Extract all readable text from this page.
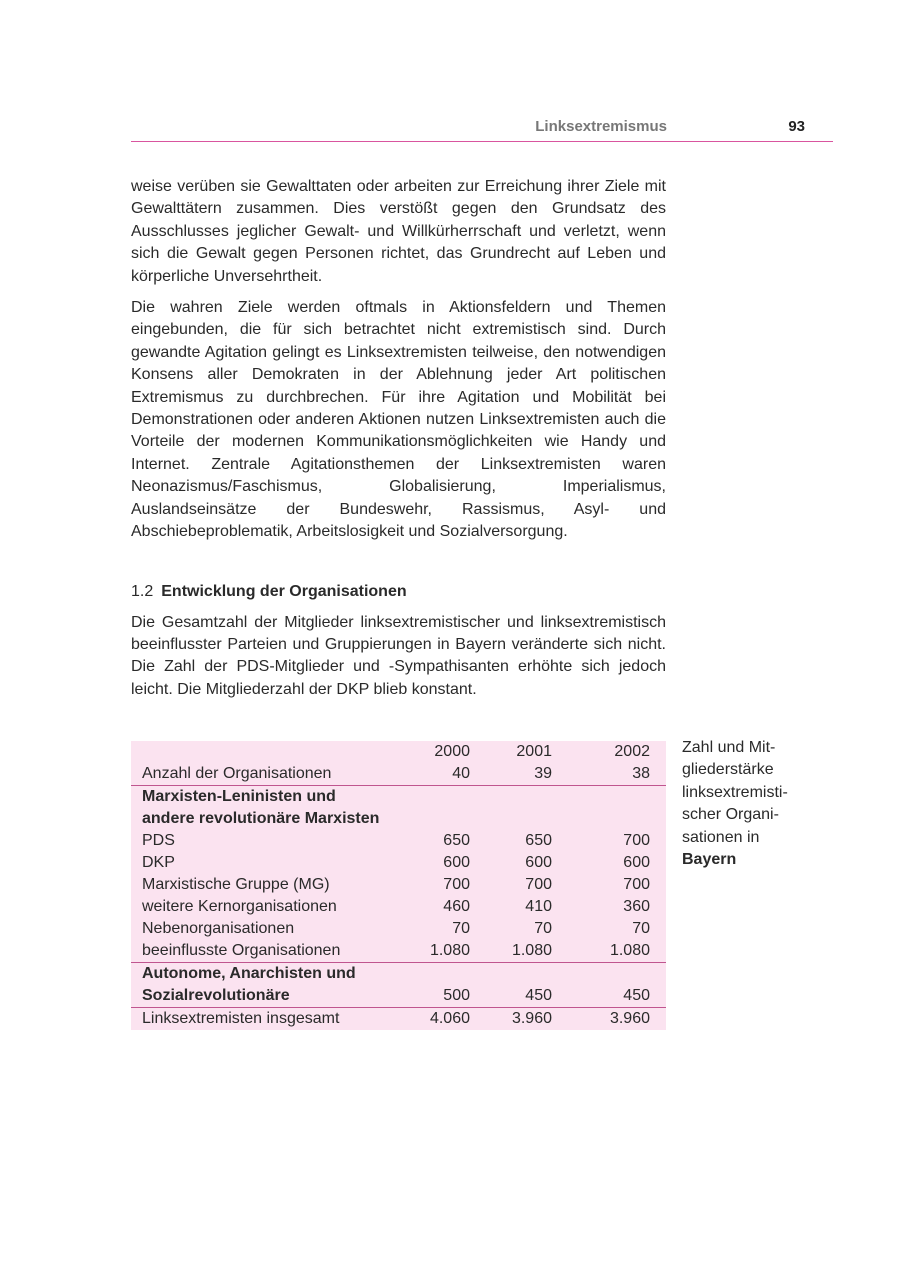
Linksextremismus	93

weise verüben sie Gewalttaten oder arbeiten zur Erreichung ihrer Ziele mit Gewalttätern zusammen. Dies verstößt gegen den Grundsatz des Ausschlusses jeglicher Gewalt- und Willkürherrschaft und verletzt, wenn sich die Gewalt gegen Personen richtet, das Grundrecht auf Leben und körperliche Unversehrtheit.

Die wahren Ziele werden oftmals in Aktionsfeldern und Themen eingebunden, die für sich betrachtet nicht extremistisch sind. Durch gewandte Agitation gelingt es Linksextremisten teilweise, den notwendigen Konsens aller Demokraten in der Ablehnung jeder Art politischen Extremismus zu durchbrechen. Für ihre Agitation und Mobilität bei Demonstrationen oder anderen Aktionen nutzen Linksextremisten auch die Vorteile der modernen Kommunikationsmöglichkeiten wie Handy und Internet. Zentrale Agitationsthemen der Linksextremisten waren Neonazismus/Faschismus, Globalisierung, Imperialismus, Auslandseinsätze der Bundeswehr, Rassismus, Asyl- und Abschiebeproblematik, Arbeitslosigkeit und Sozialversorgung.

1.2 Entwicklung der Organisationen

Die Gesamtzahl der Mitglieder linksextremistischer und linksextremistisch beeinflusster Parteien und Gruppierungen in Bayern veränderte sich nicht. Die Zahl der PDS-Mitglieder und -Sympathisanten erhöhte sich jedoch leicht. Die Mitgliederzahl der DKP blieb konstant.

	2000	2001	2002
Anzahl der Organisationen	40	39	38
Marxisten-Leninisten und
andere revolutionäre Marxisten			
PDS	650	650	700
DKP	600	600	600
Marxistische Gruppe (MG)	700	700	700
weitere Kernorganisationen	460	410	360
Nebenorganisationen	70	70	70
beeinflusste Organisationen	1.080	1.080	1.080
Autonome, Anarchisten und			
Sozialrevolutionäre	500	450	450
Linksextremisten insgesamt	4.060	3.960	3.960
Zahl und Mit-
gliederstärke
linksextremisti-
scher Organi-
sationen in
Bayern
